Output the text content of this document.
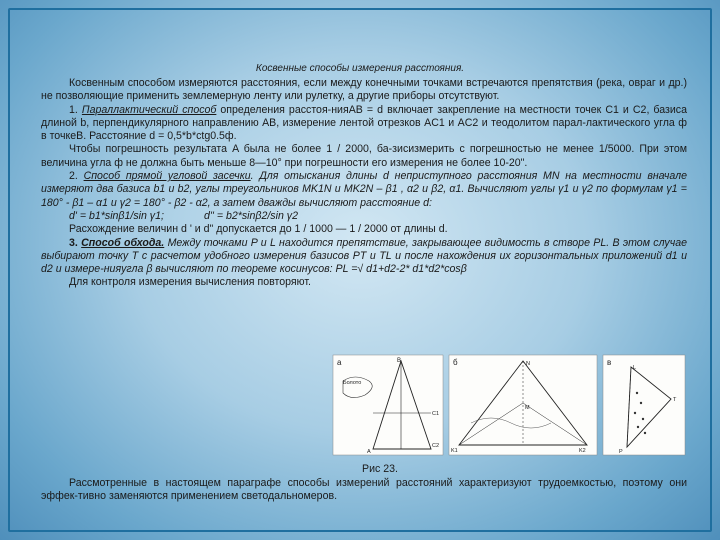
Косвенные способы измерения расстояния.

Косвенным способом измеряются расстояния, если между конечными точками встречаются препятствия (река, овраг и др.) не позволяющие применить землемерную ленту или рулетку, а другие приборы отсутствуют.

1. Параллактический способ определения расстоя-нияAB = d включает закрепление на местности точек C1 и C2, базиса длиной b, перпендикулярного направлению AB, измерение лентой отрезков AC1 и AC2 и теодолитом парал-лактического угла ф в точкеB. Расстояние d = 0,5*b*ctg0.5ф.

Чтобы погрешность результата A была не более 1 / 2000, ба-зисизмерить с погрешностью не менее 1/5000. При этом величина угла ф не должна быть меньше 8—10° при погрешности его измерения не более 10-20".

2. Способ прямой угловой засечки. Для отыскания длины d неприступного расстояния MN на местности вначале измеряют два базиса b1 и b2, углы треугольников MK1N и MK2N – β1 , α2 и β2, α1. Вычисляют углы γ1 и γ2 по формулам γ1 = 180° - β1 – α1 и γ2 = 180° - β2 - α2, а затем дважды вычисляют расстояние d:

d' = b1*sinβ1/sin γ1;	d'' = b2*sinβ2/sin γ2

Расхождение величин d ' и d" допускается до 1 / 1000 — 1 / 2000 от длины d.

3. Способ обхода. Между точками P и L находится препятствие, закрывающее видимость в створе PL. В этом случае выбирают точку T с расчетом удобного измерения базисов PT и TL и после нахождения их горизонтальных приложений d1 и d2 и измере-нияугла β вычисляют по теореме косинусов: PL =√ d1+d2-2* d1*d2*cosβ

Для контроля измерения вычисления повторяют.

а	B
Болото
A
C2
C1
б	N
M
K1	K2
в
L
T
P
Рис 23.

Рассмотренные в настоящем параграфе способы измерений расстояний характеризуют трудоемкостью, поэтому они эффек-тивно заменяются применением светодальномеров.
